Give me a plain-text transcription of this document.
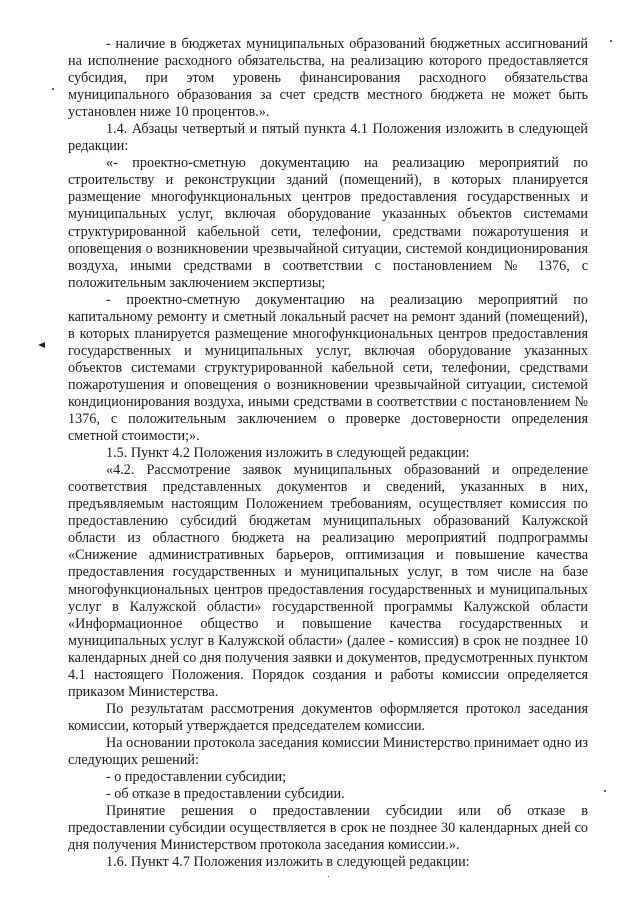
- наличие в бюджетах муниципальных образований бюджетных ассигнований на исполнение расходного обязательства, на реализацию которого предоставляется субсидия, при этом уровень финансирования расходного обязательства муниципального образования за счет средств местного бюджета не может быть установлен ниже 10 процентов.».

1.4. Абзацы четвертый и пятый пункта 4.1 Положения изложить в следующей редакции:

«- проектно-сметную документацию на реализацию мероприятий по строительству и реконструкции зданий (помещений), в которых планируется размещение многофункциональных центров предоставления государственных и муниципальных услуг, включая оборудование указанных объектов системами структурированной кабельной сети, телефонии, средствами пожаротушения и оповещения о возникновении чрезвычайной ситуации, системой кондиционирования воздуха, иными средствами в соответствии с постановлением № 1376, с положительным заключением экспертизы;

- проектно-сметную документацию на реализацию мероприятий по капитальному ремонту и сметный локальный расчет на ремонт зданий (помещений), в которых планируется размещение многофункциональных центров предоставления государственных и муниципальных услуг, включая оборудование указанных объектов системами структурированной кабельной сети, телефонии, средствами пожаротушения и оповещения о возникновении чрезвычайной ситуации, системой кондиционирования воздуха, иными средствами в соответствии с постановлением № 1376, с положительным заключением о проверке достоверности определения сметной стоимости;».

1.5. Пункт 4.2 Положения изложить в следующей редакции:

«4.2. Рассмотрение заявок муниципальных образований и определение соответствия представленных документов и сведений, указанных в них, предъявляемым настоящим Положением требованиям, осуществляет комиссия по предоставлению субсидий бюджетам муниципальных образований Калужской области из областного бюджета на реализацию мероприятий подпрограммы «Снижение административных барьеров, оптимизация и повышение качества предоставления государственных и муниципальных услуг, в том числе на базе многофункциональных центров предоставления государственных и муниципальных услуг в Калужской области» государственной программы Калужской области «Информационное общество и повышение качества государственных и муниципальных услуг в Калужской области» (далее - комиссия) в срок не позднее 10 календарных дней со дня получения заявки и документов, предусмотренных пунктом 4.1 настоящего Положения. Порядок создания и работы комиссии определяется приказом Министерства.

По результатам рассмотрения документов оформляется протокол заседания комиссии, который утверждается председателем комиссии.

На основании протокола заседания комиссии Министерство принимает одно из следующих решений:

- о предоставлении субсидии;

- об отказе в предоставлении субсидии.

Принятие решения о предоставлении субсидии или об отказе в предоставлении субсидии осуществляется в срок не позднее 30 календарных дней со дня получения Министерством протокола заседания комиссии.».

1.6. Пункт 4.7 Положения изложить в следующей редакции:
